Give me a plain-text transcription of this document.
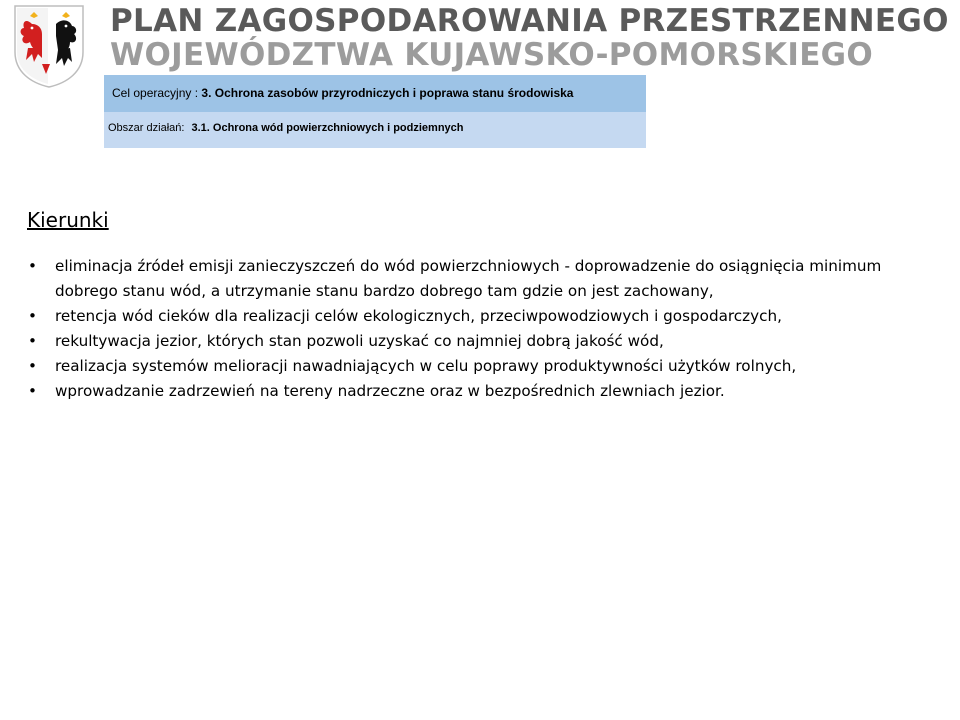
PLAN ZAGOSPODAROWANIA PRZESTRZENNEGO
WOJEWÓDZTWA KUJAWSKO-POMORSKIEGO
Cel operacyjny : 3. Ochrona zasobów przyrodniczych i poprawa stanu środowiska
Obszar działań: 3.1. Ochrona wód powierzchniowych i podziemnych
Kierunki
• eliminacja źródeł emisji zanieczyszczeń do wód powierzchniowych - doprowadzenie do osiągnięcia minimum dobrego stanu wód, a utrzymanie stanu bardzo dobrego tam gdzie on jest zachowany,
• retencja wód cieków dla realizacji celów ekologicznych, przeciwpowodziowych i gospodarczych,
• rekultywacja jezior, których stan pozwoli uzyskać co najmniej dobrą jakość wód,
• realizacja systemów melioracji nawadniających w celu poprawy produktywności użytków rolnych,
• wprowadzanie zadrzewień na tereny nadrzeczne oraz w bezpośrednich zlewniach jezior.
